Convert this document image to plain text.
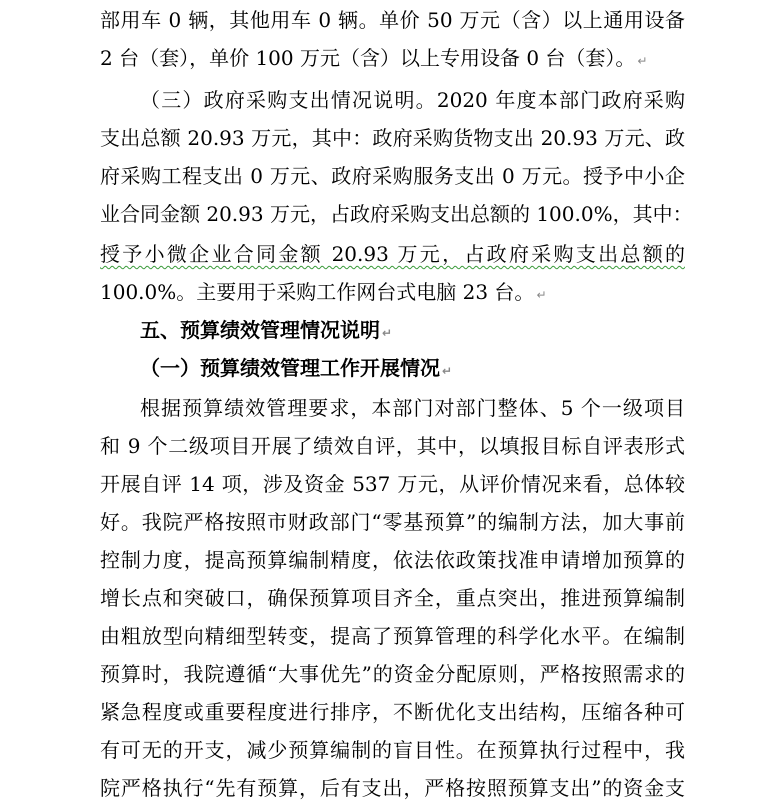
部用车 0 辆，其他用车 0 辆。单价 50 万元（含）以上通用设备
2 台（套），单价 100 万元（含）以上专用设备 0 台（套）。 ↵
（三）政府采购支出情况说明。2020 年度本部门政府采购
支出总额 20.93 万元，其中：政府采购货物支出 20.93 万元、政
府采购工程支出 0 万元、政府采购服务支出 0 万元。授予中小企
业合同金额 20.93 万元，占政府采购支出总额的 100.0%，其中：
授予小微企业合同金额 20.93 万元，占政府采购支出总额的
100.0%。主要用于采购工作网台式电脑 23 台。 ↵
五、预算绩效管理情况说明 ↵
（一）预算绩效管理工作开展情况 ↵
根据预算绩效管理要求，本部门对部门整体、5 个一级项目
和 9 个二级项目开展了绩效自评，其中，以填报目标自评表形式
开展自评 14 项，涉及资金 537 万元，从评价情况来看，总体较
好。我院严格按照市财政部门“零基预算”的编制方法，加大事前
控制力度，提高预算编制精度，依法依政策找准申请增加预算的
增长点和突破口，确保预算项目齐全，重点突出，推进预算编制
由粗放型向精细型转变，提高了预算管理的科学化水平。在编制
预算时，我院遵循“大事优先”的资金分配原则，严格按照需求的
紧急程度或重要程度进行排序，不断优化支出结构，压缩各种可
有可无的开支，减少预算编制的盲目性。在预算执行过程中，我
院严格执行“先有预算，后有支出，严格按照预算支出”的资金支
